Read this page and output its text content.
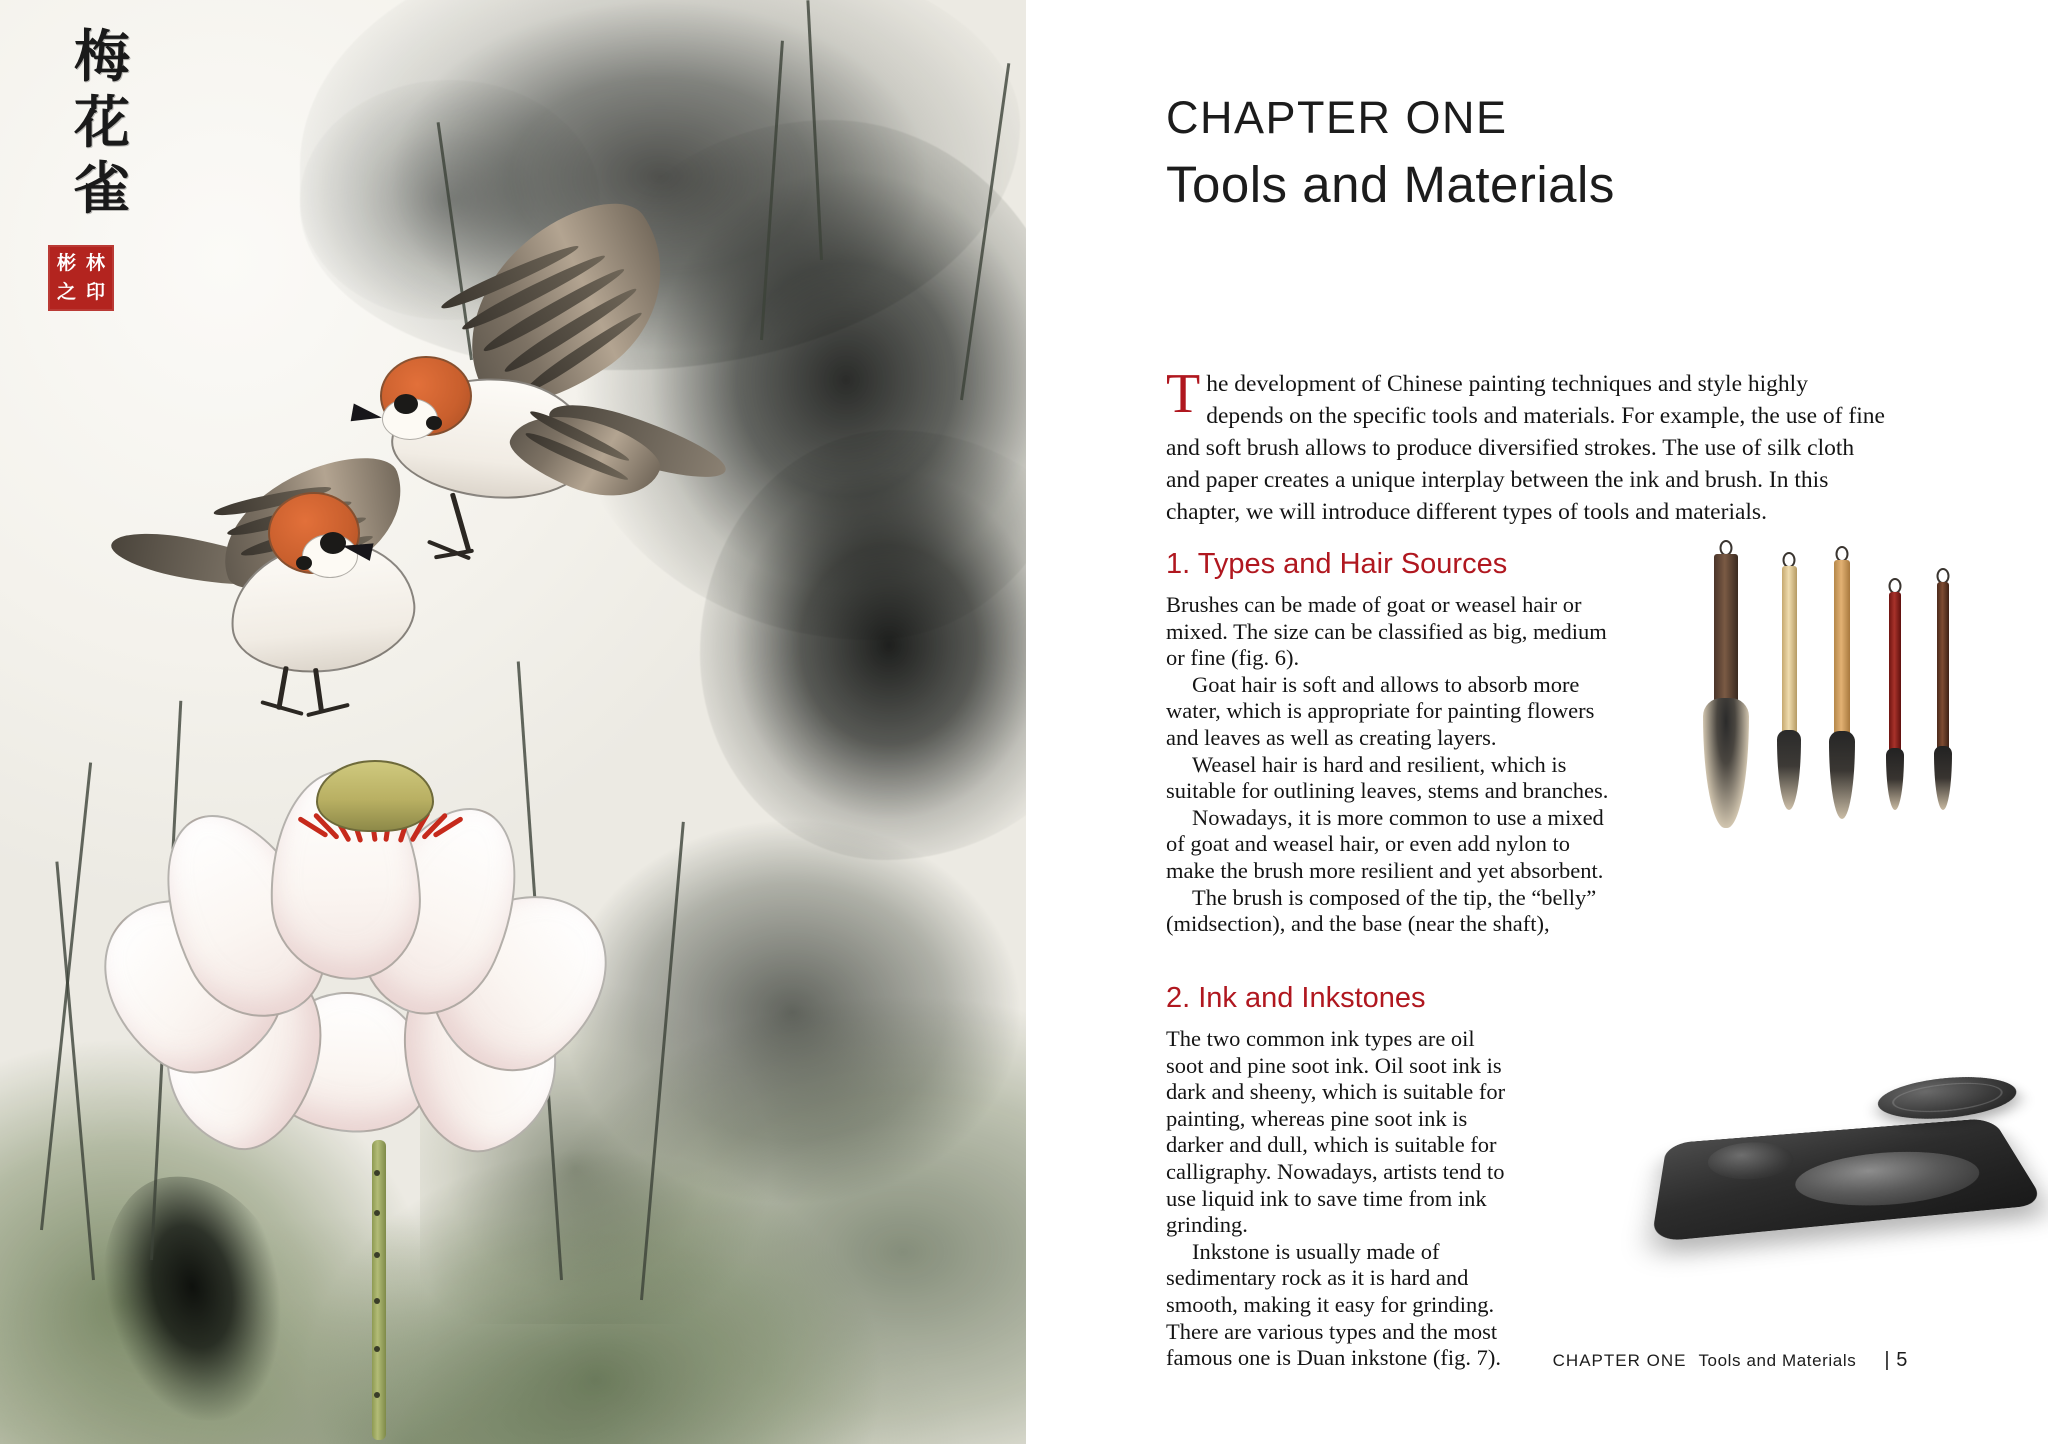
梅
花
雀
彬 林
之 印
CHAPTER ONE
Tools and Materials
The development of Chinese painting techniques and style highly depends on the specific tools and materials. For example, the use of fine and soft brush allows to produce diversified strokes. The use of silk cloth and paper creates a unique interplay between the ink and brush. In this chapter, we will introduce different types of tools and materials.
1. Types and Hair Sources

Brushes can be made of goat or weasel hair or mixed. The size can be classified as big, medium or fine (fig. 6).

Goat hair is soft and allows to absorb more water, which is appropriate for painting flowers and leaves as well as creating layers.

Weasel hair is hard and resilient, which is suitable for outlining leaves, stems and branches.

Nowadays, it is more common to use a mixed of goat and weasel hair, or even add nylon to make the brush more resilient and yet absorbent.

The brush is composed of the tip, the “belly” (midsection), and the base (near the shaft),

2. Ink and Inkstones

The two common ink types are oil soot and pine soot ink. Oil soot ink is dark and sheeny, which is suitable for painting, whereas pine soot ink is darker and dull, which is suitable for calligraphy. Nowadays, artists tend to use liquid ink to save time from ink grinding.

Inkstone is usually made of sedimentary rock as it is hard and smooth, making it easy for grinding. There are various types and the most famous one is Duan inkstone (fig. 7).	CHAPTER ONE Tools and Materials | 5
